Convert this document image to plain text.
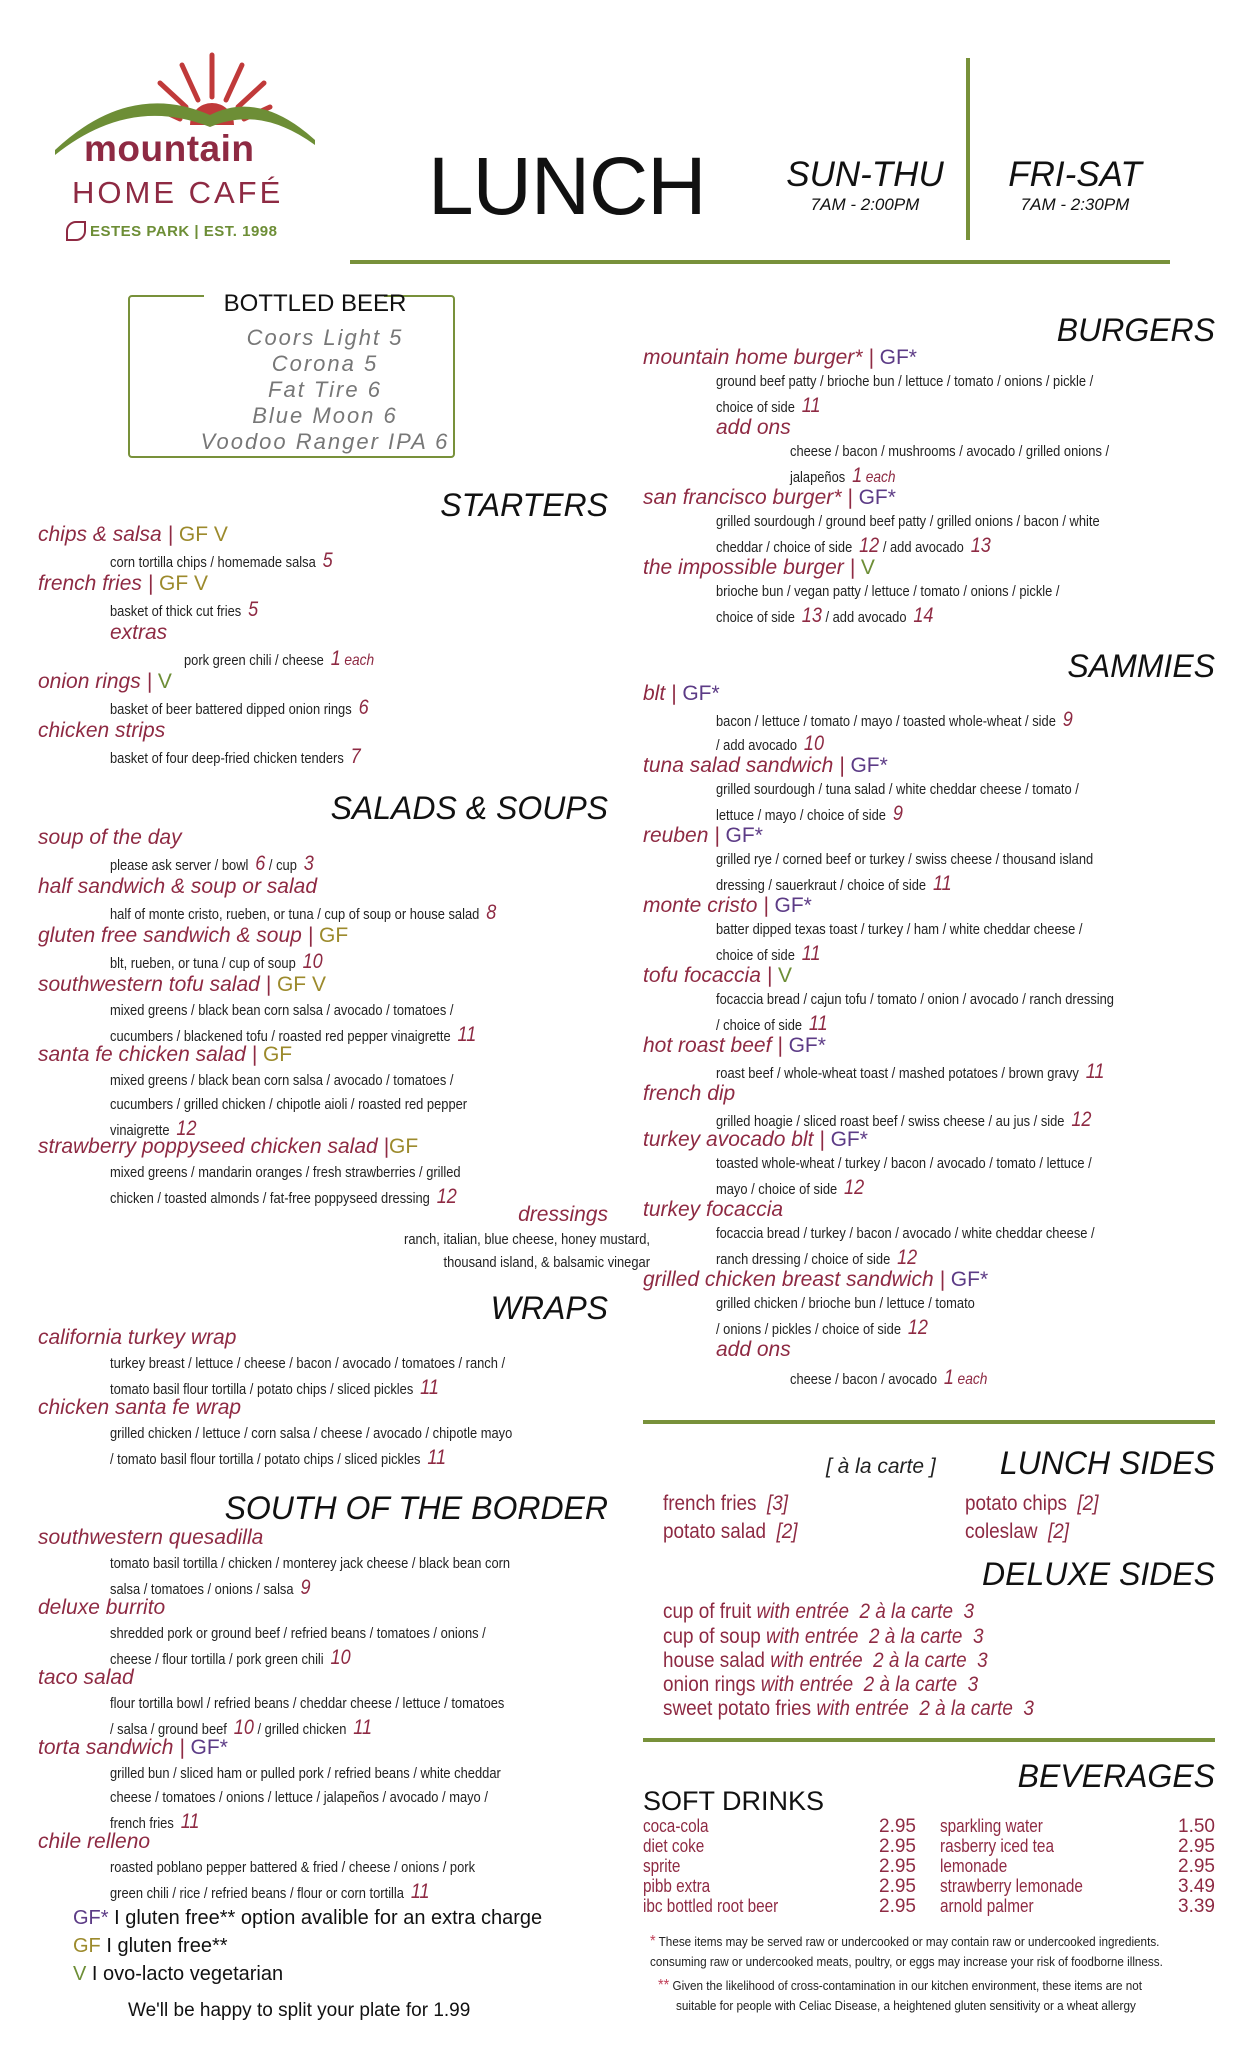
mountain
HOME CAFÉ
ESTES PARK | EST. 1998 LUNCH	SUN-THU
7AM - 2:00PM
FRI-SAT
7AM - 2:30PM
BOTTLED BEER
Coors Light 5
Corona 5
Fat Tire 6
Blue Moon 6
Voodoo Ranger IPA 6
STARTERS
chips & salsa | GF V
corn tortilla chips / homemade salsa 5
french fries | GF V
basket of thick cut fries 5
extras
pork green chili / cheese 1 each
onion rings | V
basket of beer battered dipped onion rings 6
chicken strips
basket of four deep-fried chicken tenders 7
SALADS & SOUPS
soup of the day
please ask server / bowl 6 / cup 3
half sandwich & soup or salad
half of monte cristo, rueben, or tuna / cup of soup or house salad 8
gluten free sandwich & soup | GF
blt, rueben, or tuna / cup of soup 10
southwestern tofu salad | GF V
mixed greens / black bean corn salsa / avocado / tomatoes /
cucumbers / blackened tofu / roasted red pepper vinaigrette 11
santa fe chicken salad | GF
mixed greens / black bean corn salsa / avocado / tomatoes /
cucumbers / grilled chicken / chipotle aioli / roasted red pepper
vinaigrette 12
strawberry poppyseed chicken salad |GF
mixed greens / mandarin oranges / fresh strawberries / grilled
chicken / toasted almonds / fat-free poppyseed dressing 12
dressings
ranch, italian, blue cheese, honey mustard,
thousand island, & balsamic vinegar
WRAPS
california turkey wrap
turkey breast / lettuce / cheese / bacon / avocado / tomatoes / ranch /
tomato basil flour tortilla / potato chips / sliced pickles 11
chicken santa fe wrap
grilled chicken / lettuce / corn salsa / cheese / avocado / chipotle mayo
/ tomato basil flour tortilla / potato chips / sliced pickles 11
SOUTH OF THE BORDER
southwestern quesadilla
tomato basil tortilla / chicken / monterey jack cheese / black bean corn
salsa / tomatoes / onions / salsa 9
deluxe burrito
shredded pork or ground beef / refried beans / tomatoes / onions /
cheese / flour tortilla / pork green chili 10
taco salad
flour tortilla bowl / refried beans / cheddar cheese / lettuce / tomatoes
/ salsa / ground beef 10 / grilled chicken 11
torta sandwich | GF*
grilled bun / sliced ham or pulled pork / refried beans / white cheddar
cheese / tomatoes / onions / lettuce / jalapeños / avocado / mayo /
french fries 11
chile relleno
roasted poblano pepper battered & fried / cheese / onions / pork
green chili / rice / refried beans / flour or corn tortilla 11
GF* I gluten free** option avalible for an extra charge
GF I gluten free**
V I ovo-lacto vegetarian
We'll be happy to split your plate for 1.99
BURGERS
mountain home burger* | GF*
ground beef patty / brioche bun / lettuce / tomato / onions / pickle /
choice of side 11
add ons
cheese / bacon / mushrooms / avocado / grilled onions /
jalapeños 1 each
san francisco burger* | GF*
grilled sourdough / ground beef patty / grilled onions / bacon / white
cheddar / choice of side 12 / add avocado 13
the impossible burger | V
brioche bun / vegan patty / lettuce / tomato / onions / pickle /
choice of side 13 / add avocado 14
SAMMIES
blt | GF*
bacon / lettuce / tomato / mayo / toasted whole-wheat / side 9
/ add avocado 10
tuna salad sandwich | GF*
grilled sourdough / tuna salad / white cheddar cheese / tomato /
lettuce / mayo / choice of side 9
reuben | GF*
grilled rye / corned beef or turkey / swiss cheese / thousand island
dressing / sauerkraut / choice of side 11
monte cristo | GF*
batter dipped texas toast / turkey / ham / white cheddar cheese /
choice of side 11
tofu focaccia | V
focaccia bread / cajun tofu / tomato / onion / avocado / ranch dressing
/ choice of side 11
hot roast beef | GF*
roast beef / whole-wheat toast / mashed potatoes / brown gravy 11
french dip
grilled hoagie / sliced roast beef / swiss cheese / au jus / side 12
turkey avocado blt | GF*
toasted whole-wheat / turkey / bacon / avocado / tomato / lettuce /
mayo / choice of side 12
turkey focaccia
focaccia bread / turkey / bacon / avocado / white cheddar cheese /
ranch dressing / choice of side 12
grilled chicken breast sandwich | GF*
grilled chicken / brioche bun / lettuce / tomato
/ onions / pickles / choice of side 12
add ons
cheese / bacon / avocado 1 each
[ à la carte ]	LUNCH SIDES
french fries [3]	potato chips [2]
potato salad [2]	coleslaw [2]
DELUXE SIDES
cup of fruit with entrée  2 à la carte  3
cup of soup with entrée  2 à la carte  3
house salad with entrée  2 à la carte  3
onion rings with entrée  2 à la carte  3
sweet potato fries with entrée  2 à la carte  3
BEVERAGES
SOFT DRINKS
coca-cola	2.95
diet coke	2.95
sprite	2.95
pibb extra	2.95
ibc bottled root beer	2.95
sparkling water	1.50
rasberry iced tea	2.95
lemonade	2.95
strawberry lemonade	3.49
arnold palmer	3.39
* These items may be served raw or undercooked or may contain raw or undercooked ingredients.
consuming raw or undercooked meats, poultry, or eggs may increase your risk of foodborne illness.
** Given the likelihood of cross-contamination in our kitchen environment, these items are not
suitable for people with Celiac Disease, a heightened gluten sensitivity or a wheat allergy
